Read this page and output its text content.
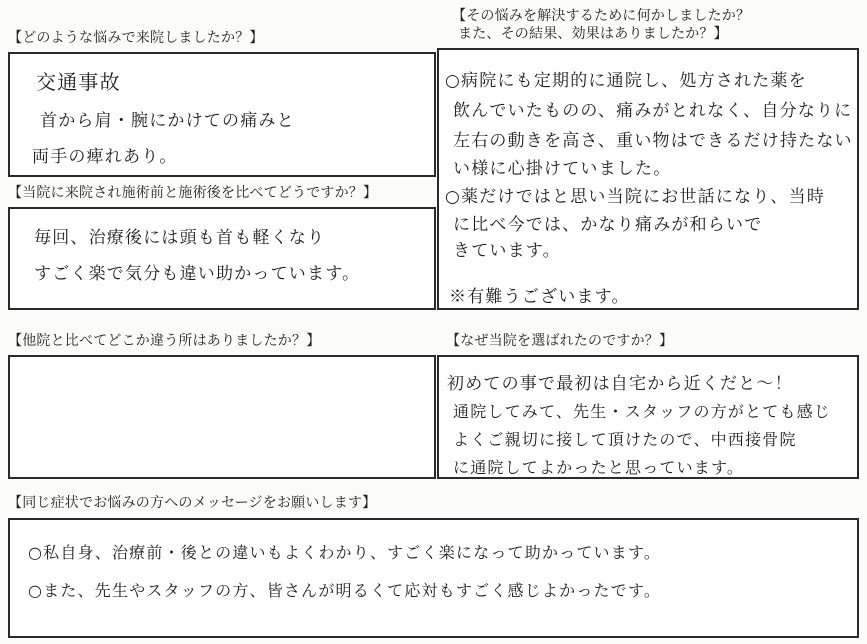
【どのような悩みで来院しましたか？】
交通事故
首から肩・腕にかけての痛みと
両手の痺れあり。
【当院に来院され施術前と施術後を比べてどうですか？】
毎回、治療後には頭も首も軽くなり
すごく楽で気分も違い助かっています。
【その悩みを解決するために何かしましたか？
また、その結果、効果はありましたか？】
○病院にも定期的に通院し、処方された薬を
飲んでいたものの、痛みがとれなく、自分なりに
左右の動きを高さ、重い物はできるだけ持たない
い様に心掛けていました。
○薬だけではと思い当院にお世話になり、当時
に比べ今では、かなり痛みが和らいで
きています。
※有難うございます。
【他院と比べてどこか違う所はありましたか？】	【なぜ当院を選ばれたのですか？】
初めての事で最初は自宅から近くだと～！
通院してみて、先生・スタッフの方がとても感じ
よくご親切に接して頂けたので、中西接骨院
に通院してよかったと思っています。
【同じ症状でお悩みの方へのメッセージをお願いします】
○私自身、治療前・後との違いもよくわかり、すごく楽になって助かっています。
○また、先生やスタッフの方、皆さんが明るくて応対もすごく感じよかったです。
